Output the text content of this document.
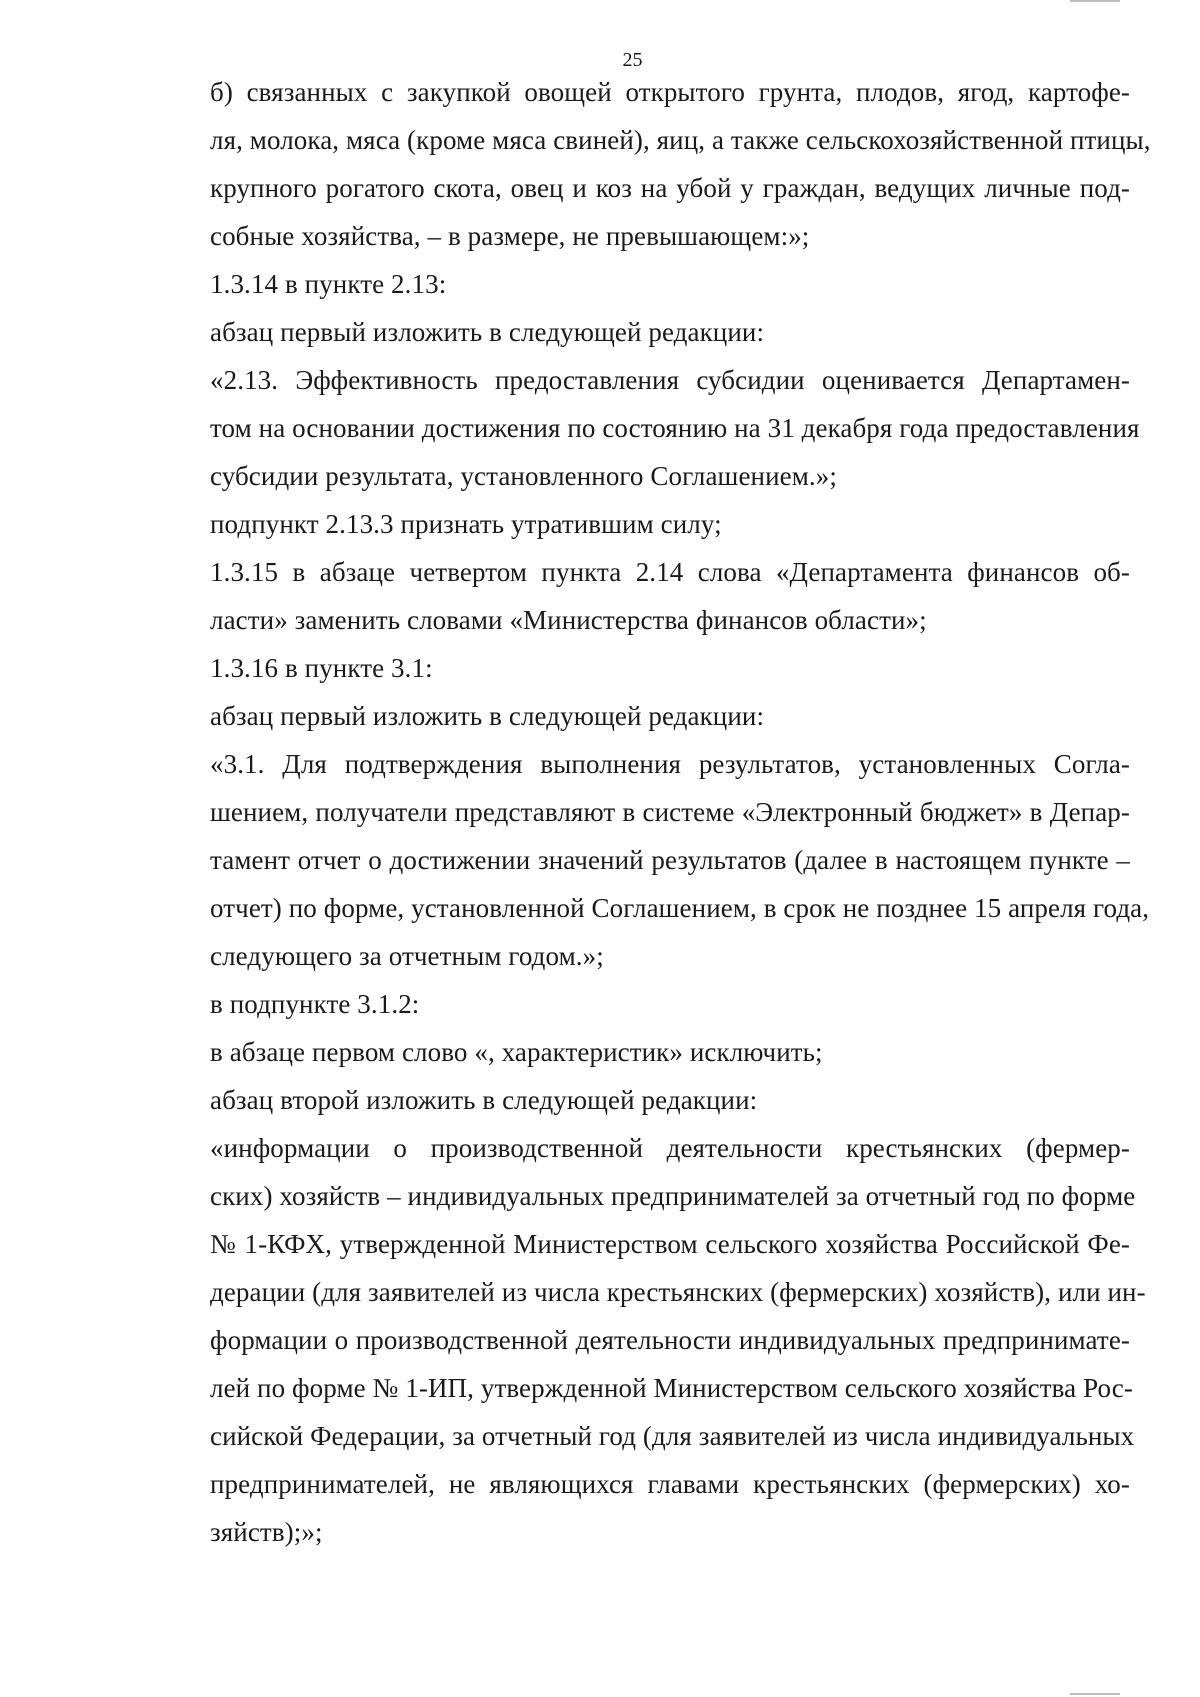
25

б) связанных с закупкой овощей открытого грунта, плодов, ягод, картофе-
ля, молока, мяса (кроме мяса свиней), яиц, а также сельскохозяйственной птицы,
крупного рогатого скота, овец и коз на убой у граждан, ведущих личные под-
собные хозяйства, – в размере, не превышающем:»;

1.3.14 в пункте 2.13:

абзац первый изложить в следующей редакции:

«2.13. Эффективность предоставления субсидии оценивается Департамен-
том на основании достижения по состоянию на 31 декабря года предоставления
субсидии результата, установленного Соглашением.»;

подпункт 2.13.3 признать утратившим силу;

1.3.15 в абзаце четвертом пункта 2.14 слова «Департамента финансов об-
ласти» заменить словами «Министерства финансов области»;

1.3.16 в пункте 3.1:

абзац первый изложить в следующей редакции:

«3.1. Для подтверждения выполнения результатов, установленных Согла-
шением, получатели представляют в системе «Электронный бюджет» в Депар-
тамент отчет о достижении значений результатов (далее в настоящем пункте –
отчет) по форме, установленной Соглашением, в срок не позднее 15 апреля года,
следующего за отчетным годом.»;

в подпункте 3.1.2:

в абзаце первом слово «, характеристик» исключить;

абзац второй изложить в следующей редакции:

«информации о производственной деятельности крестьянских (фермер-
ских) хозяйств – индивидуальных предпринимателей за отчетный год по форме
№ 1-КФХ, утвержденной Министерством сельского хозяйства Российской Фе-
дерации (для заявителей из числа крестьянских (фермерских) хозяйств), или ин-
формации о производственной деятельности индивидуальных предпринимате-
лей по форме № 1-ИП, утвержденной Министерством сельского хозяйства Рос-
сийской Федерации, за отчетный год (для заявителей из числа индивидуальных
предпринимателей, не являющихся главами крестьянских (фермерских) хо-
зяйств);»;
